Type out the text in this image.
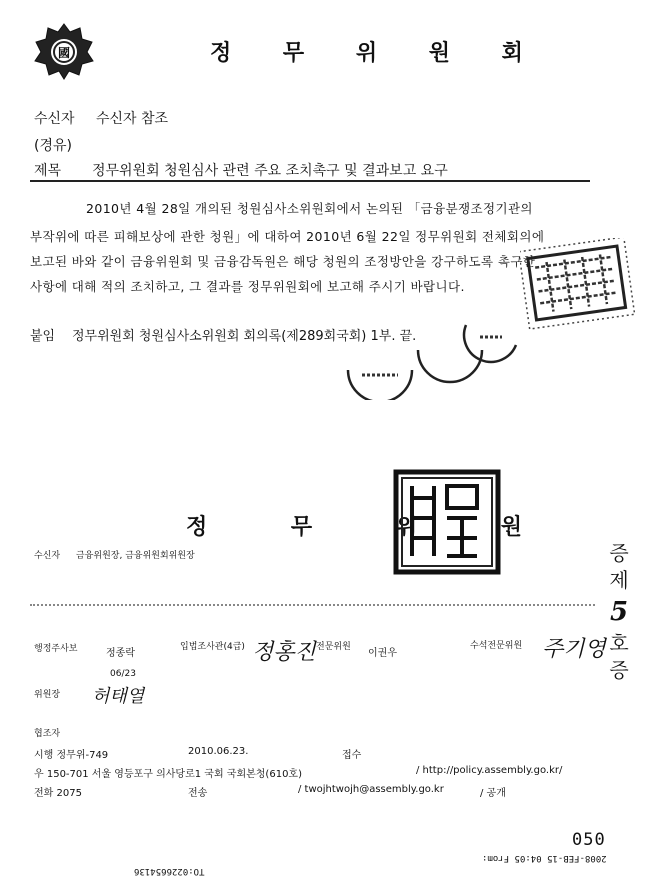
國	정 무 위 원 회
수신자 수신자 참조
(경유)
제목 정무위원회 청원심사 관련 주요 조치촉구 및 결과보고 요구
2010년 4월 28일 개의된 청원심사소위원회에서 논의된 「금융분쟁조정기관의
부작위에 따른 피해보상에 관한 청원」에 대하여 2010년 6월 22일 정무위원회 전체회의에
보고된 바와 같이 금융위원회 및 금융감독원은 해당 청원의 조정방안을 강구하도록 촉구한
사항에 대해 적의 조치하고, 그 결과를 정무위원회에 보고해 주시기 바랍니다.
붙임 정무위원회 청원심사소위원회 회의록(제289회국회) 1부. 끝.
정 무 위 원
수신자 금융위원장, 금융위원회위원장	증
제
5
호
증
행정주사보	정종락
입법조사관(4급) 정홍진 전문위원
이권우
수석전문위원 주기영
06/23
위원장 허태열
협조자
시행 정무위-749	2010.06.23.	접수
우 150-701 서울 영등포구 의사당로1 국회 국회본청(610호)	/ http://policy.assembly.go.kr/
전화 2075	전송	/ twojhtwojh@assembly.go.kr	/ 공개
050
2008-FEB-15 04:05 From:
TO:0226654136
